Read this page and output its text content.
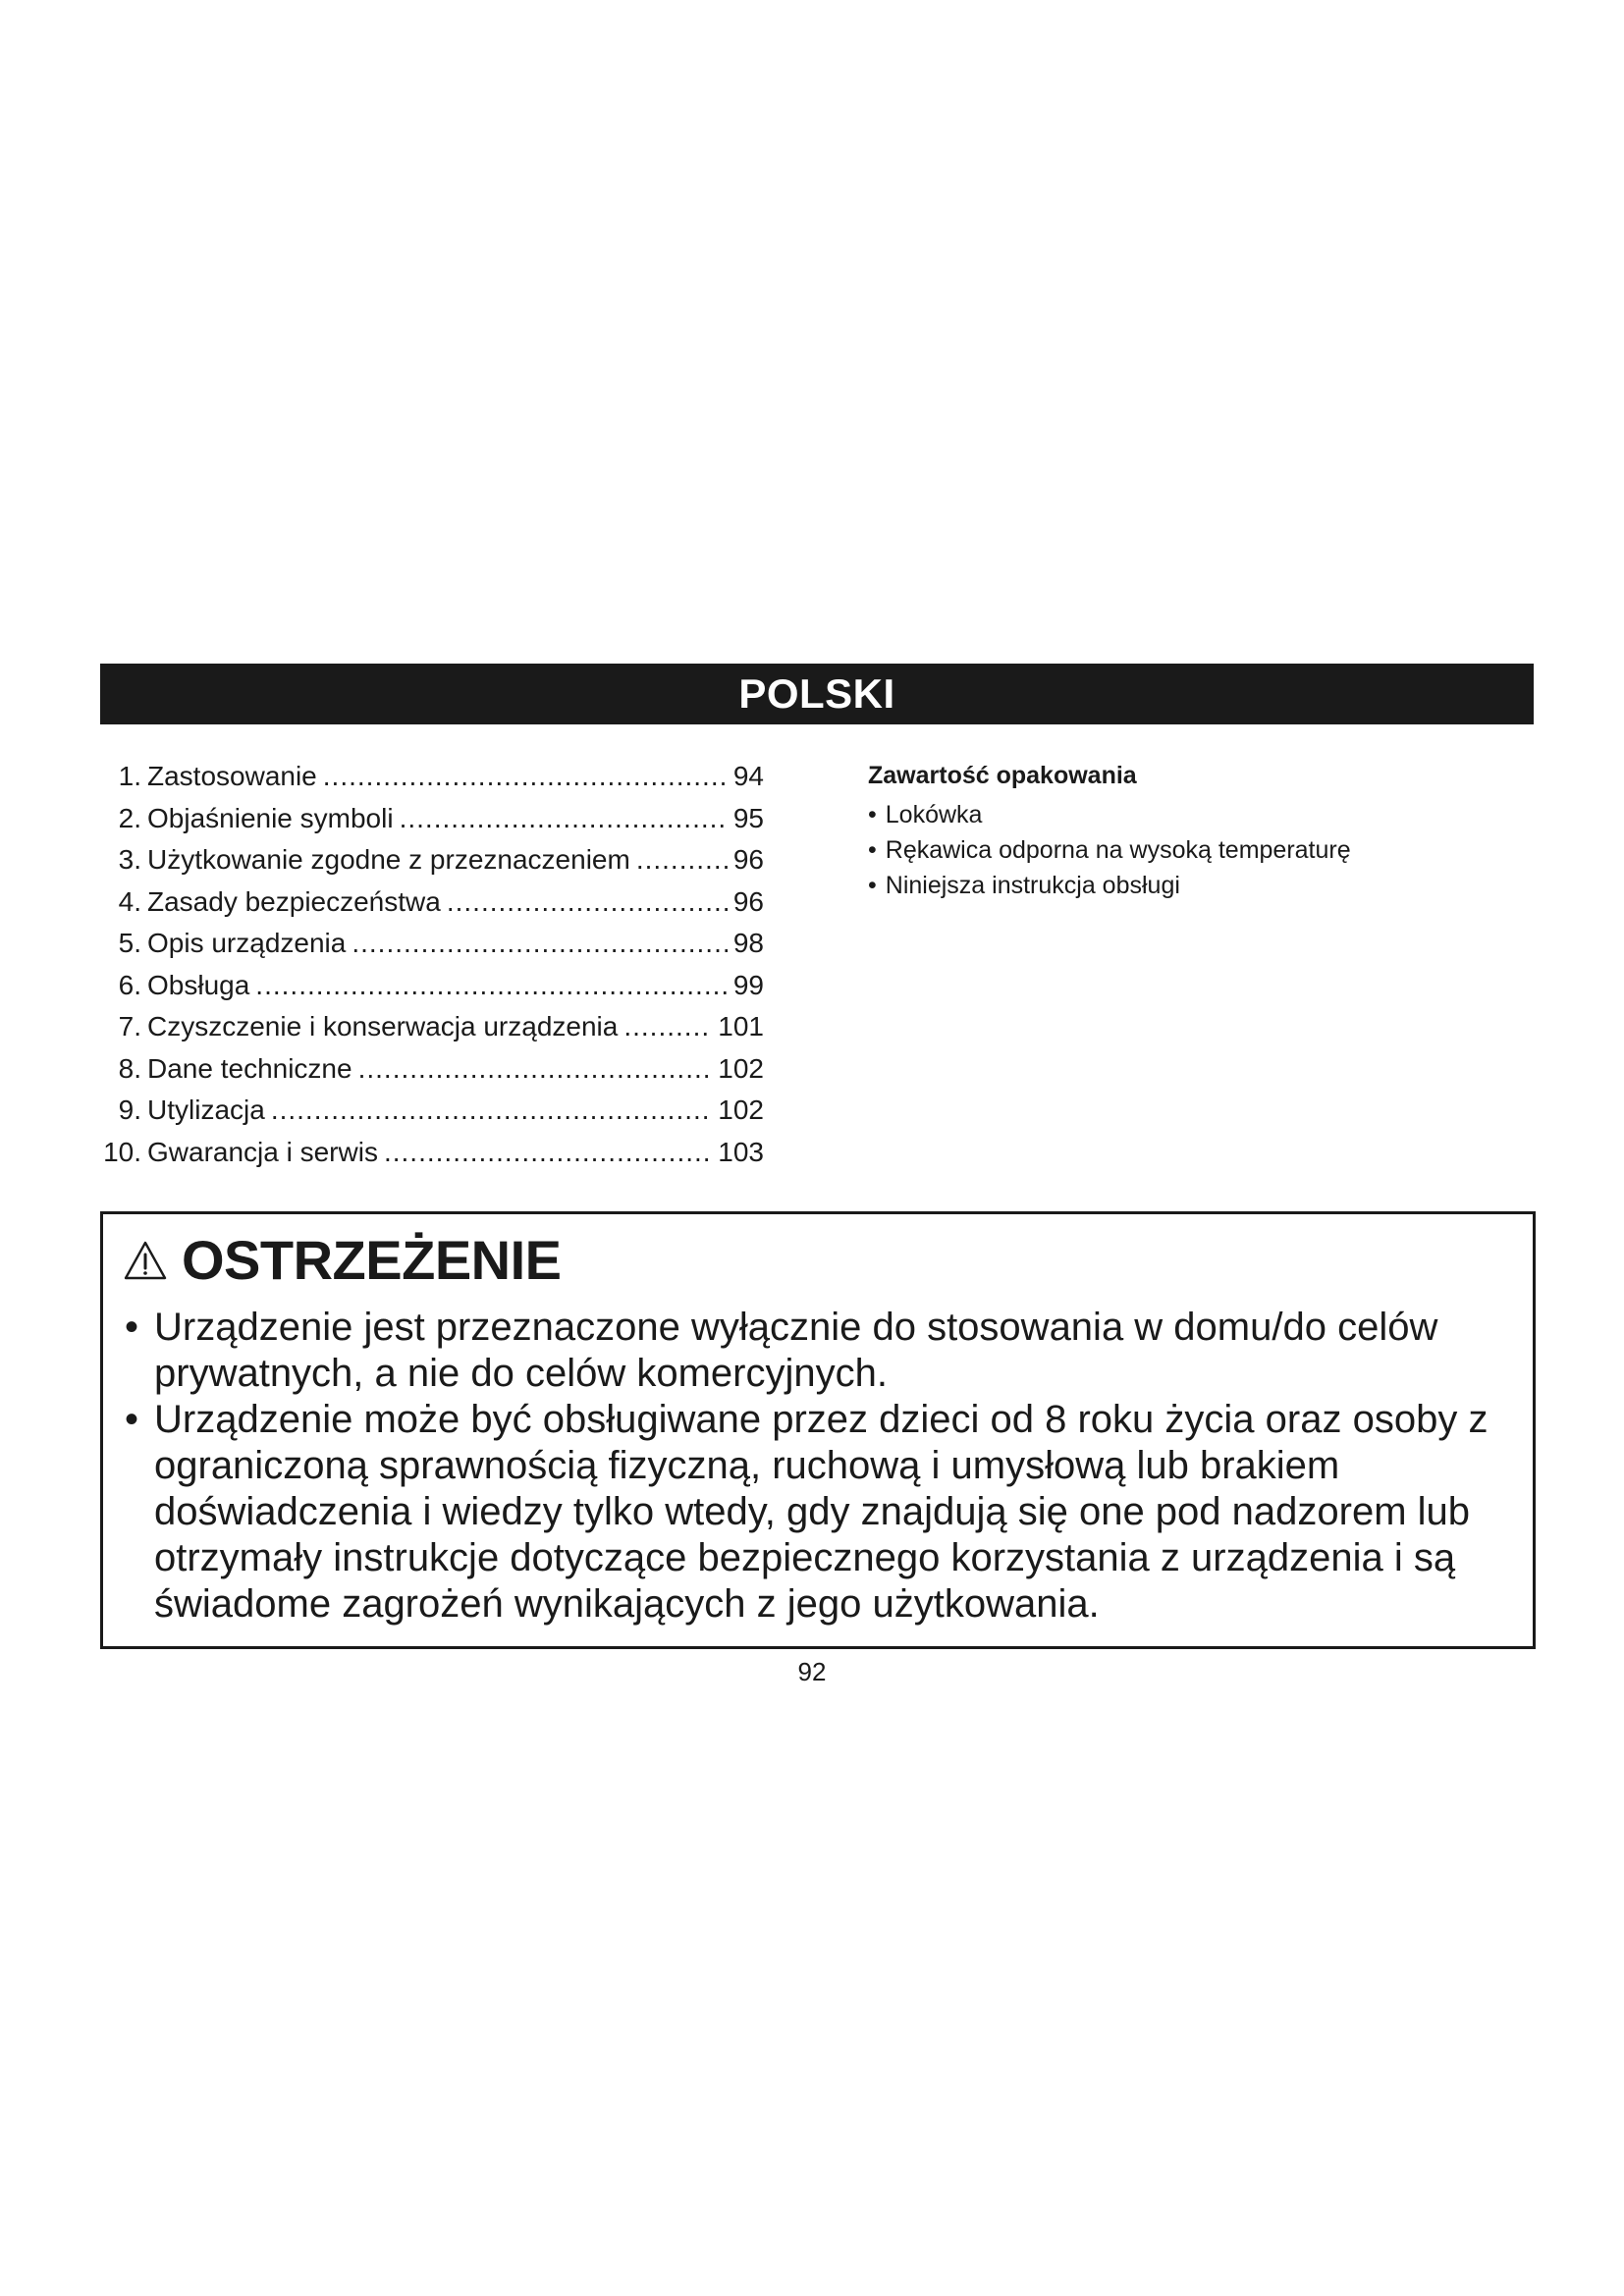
POLSKI
1. Zastosowanie .....	94
2. Objaśnienie symboli .....	95
3. Użytkowanie zgodne z przeznaczeniem .....	96
4. Zasady bezpieczeństwa .....	96
5. Opis urządzenia .....	98
6. Obsługa .....	99
7. Czyszczenie i konserwacja urządzenia .....	101
8. Dane techniczne .....	102
9. Utylizacja .....	102
10. Gwarancja i serwis .....	103
Zawartość opakowania
• Lokówka
• Rękawica odporna na wysoką temperaturę
• Niniejsza instrukcja obsługi
OSTRZEŻENIE
• Urządzenie jest przeznaczone wyłącznie do stosowania w domu/do celów prywatnych, a nie do celów komercyjnych.
• Urządzenie może być obsługiwane przez dzieci od 8 roku życia oraz osoby z ograniczoną sprawnością fizyczną, ruchową i umysłową lub brakiem doświadczenia i wiedzy tylko wtedy, gdy znajdują się one pod nadzorem lub otrzymały instrukcje dotyczące bezpiecznego korzystania z urządzenia i są świadome zagrożeń wynikających z jego użytkowania.
92
